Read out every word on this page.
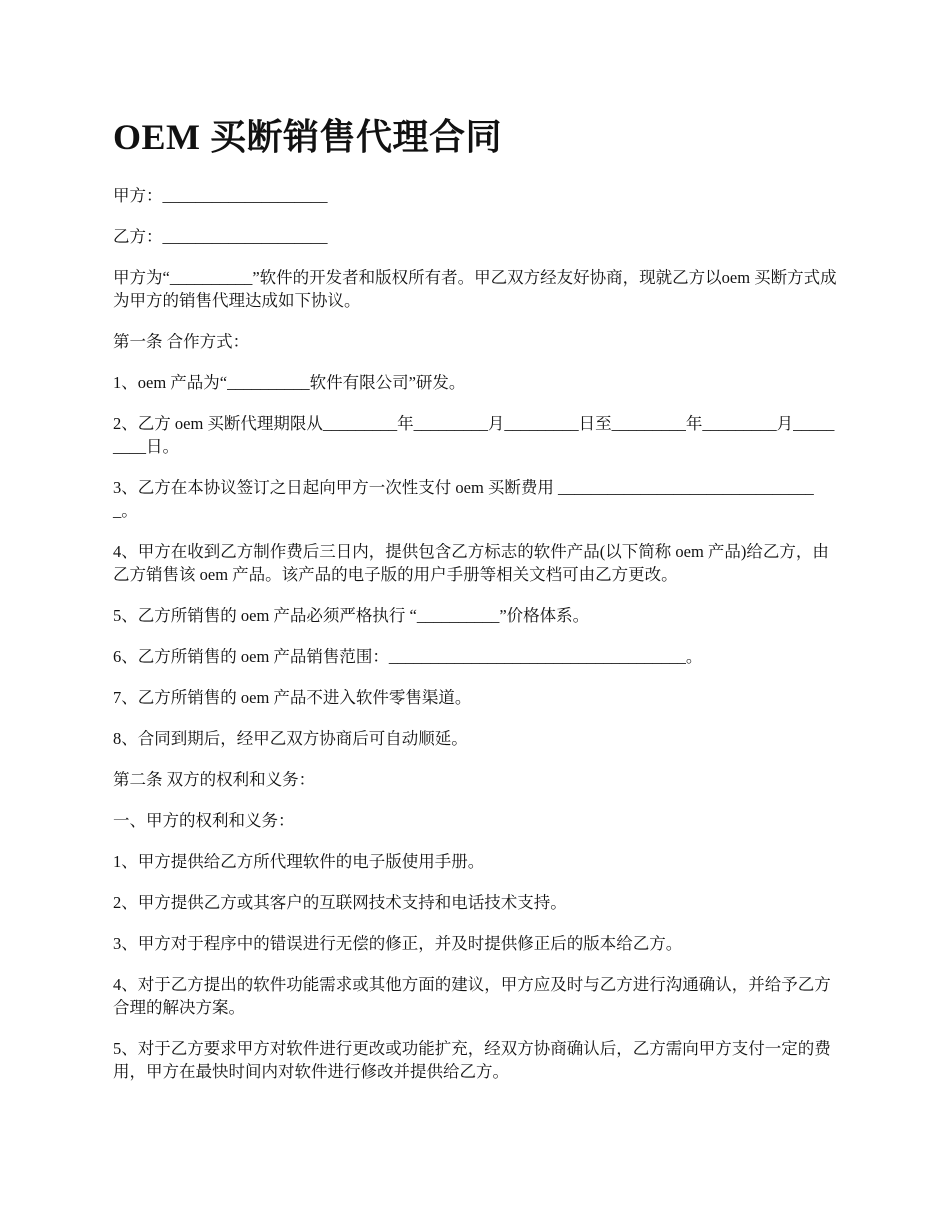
OEM 买断销售代理合同

甲方：____________________

乙方：____________________

甲方为“__________”软件的开发者和版权所有者。甲乙双方经友好协商，现就乙方以oem 买断方式成为甲方的销售代理达成如下协议。

第一条 合作方式：

1、oem 产品为“__________软件有限公司”研发。

2、乙方 oem 买断代理期限从_________年_________月_________日至_________年_________月_________日。

3、乙方在本协议签订之日起向甲方一次性支付 oem 买断费用 ________________________________。

4、甲方在收到乙方制作费后三日内，提供包含乙方标志的软件产品(以下简称 oem 产品)给乙方，由乙方销售该 oem 产品。该产品的电子版的用户手册等相关文档可由乙方更改。

5、乙方所销售的 oem 产品必须严格执行 “__________”价格体系。

6、乙方所销售的 oem 产品销售范围：____________________________________。

7、乙方所销售的 oem 产品不进入软件零售渠道。

8、合同到期后，经甲乙双方协商后可自动顺延。

第二条 双方的权利和义务：

一、甲方的权利和义务：

1、甲方提供给乙方所代理软件的电子版使用手册。

2、甲方提供乙方或其客户的互联网技术支持和电话技术支持。

3、甲方对于程序中的错误进行无偿的修正，并及时提供修正后的版本给乙方。

4、对于乙方提出的软件功能需求或其他方面的建议，甲方应及时与乙方进行沟通确认，并给予乙方合理的解决方案。

5、对于乙方要求甲方对软件进行更改或功能扩充，经双方协商确认后，乙方需向甲方支付一定的费用，甲方在最快时间内对软件进行修改并提供给乙方。
